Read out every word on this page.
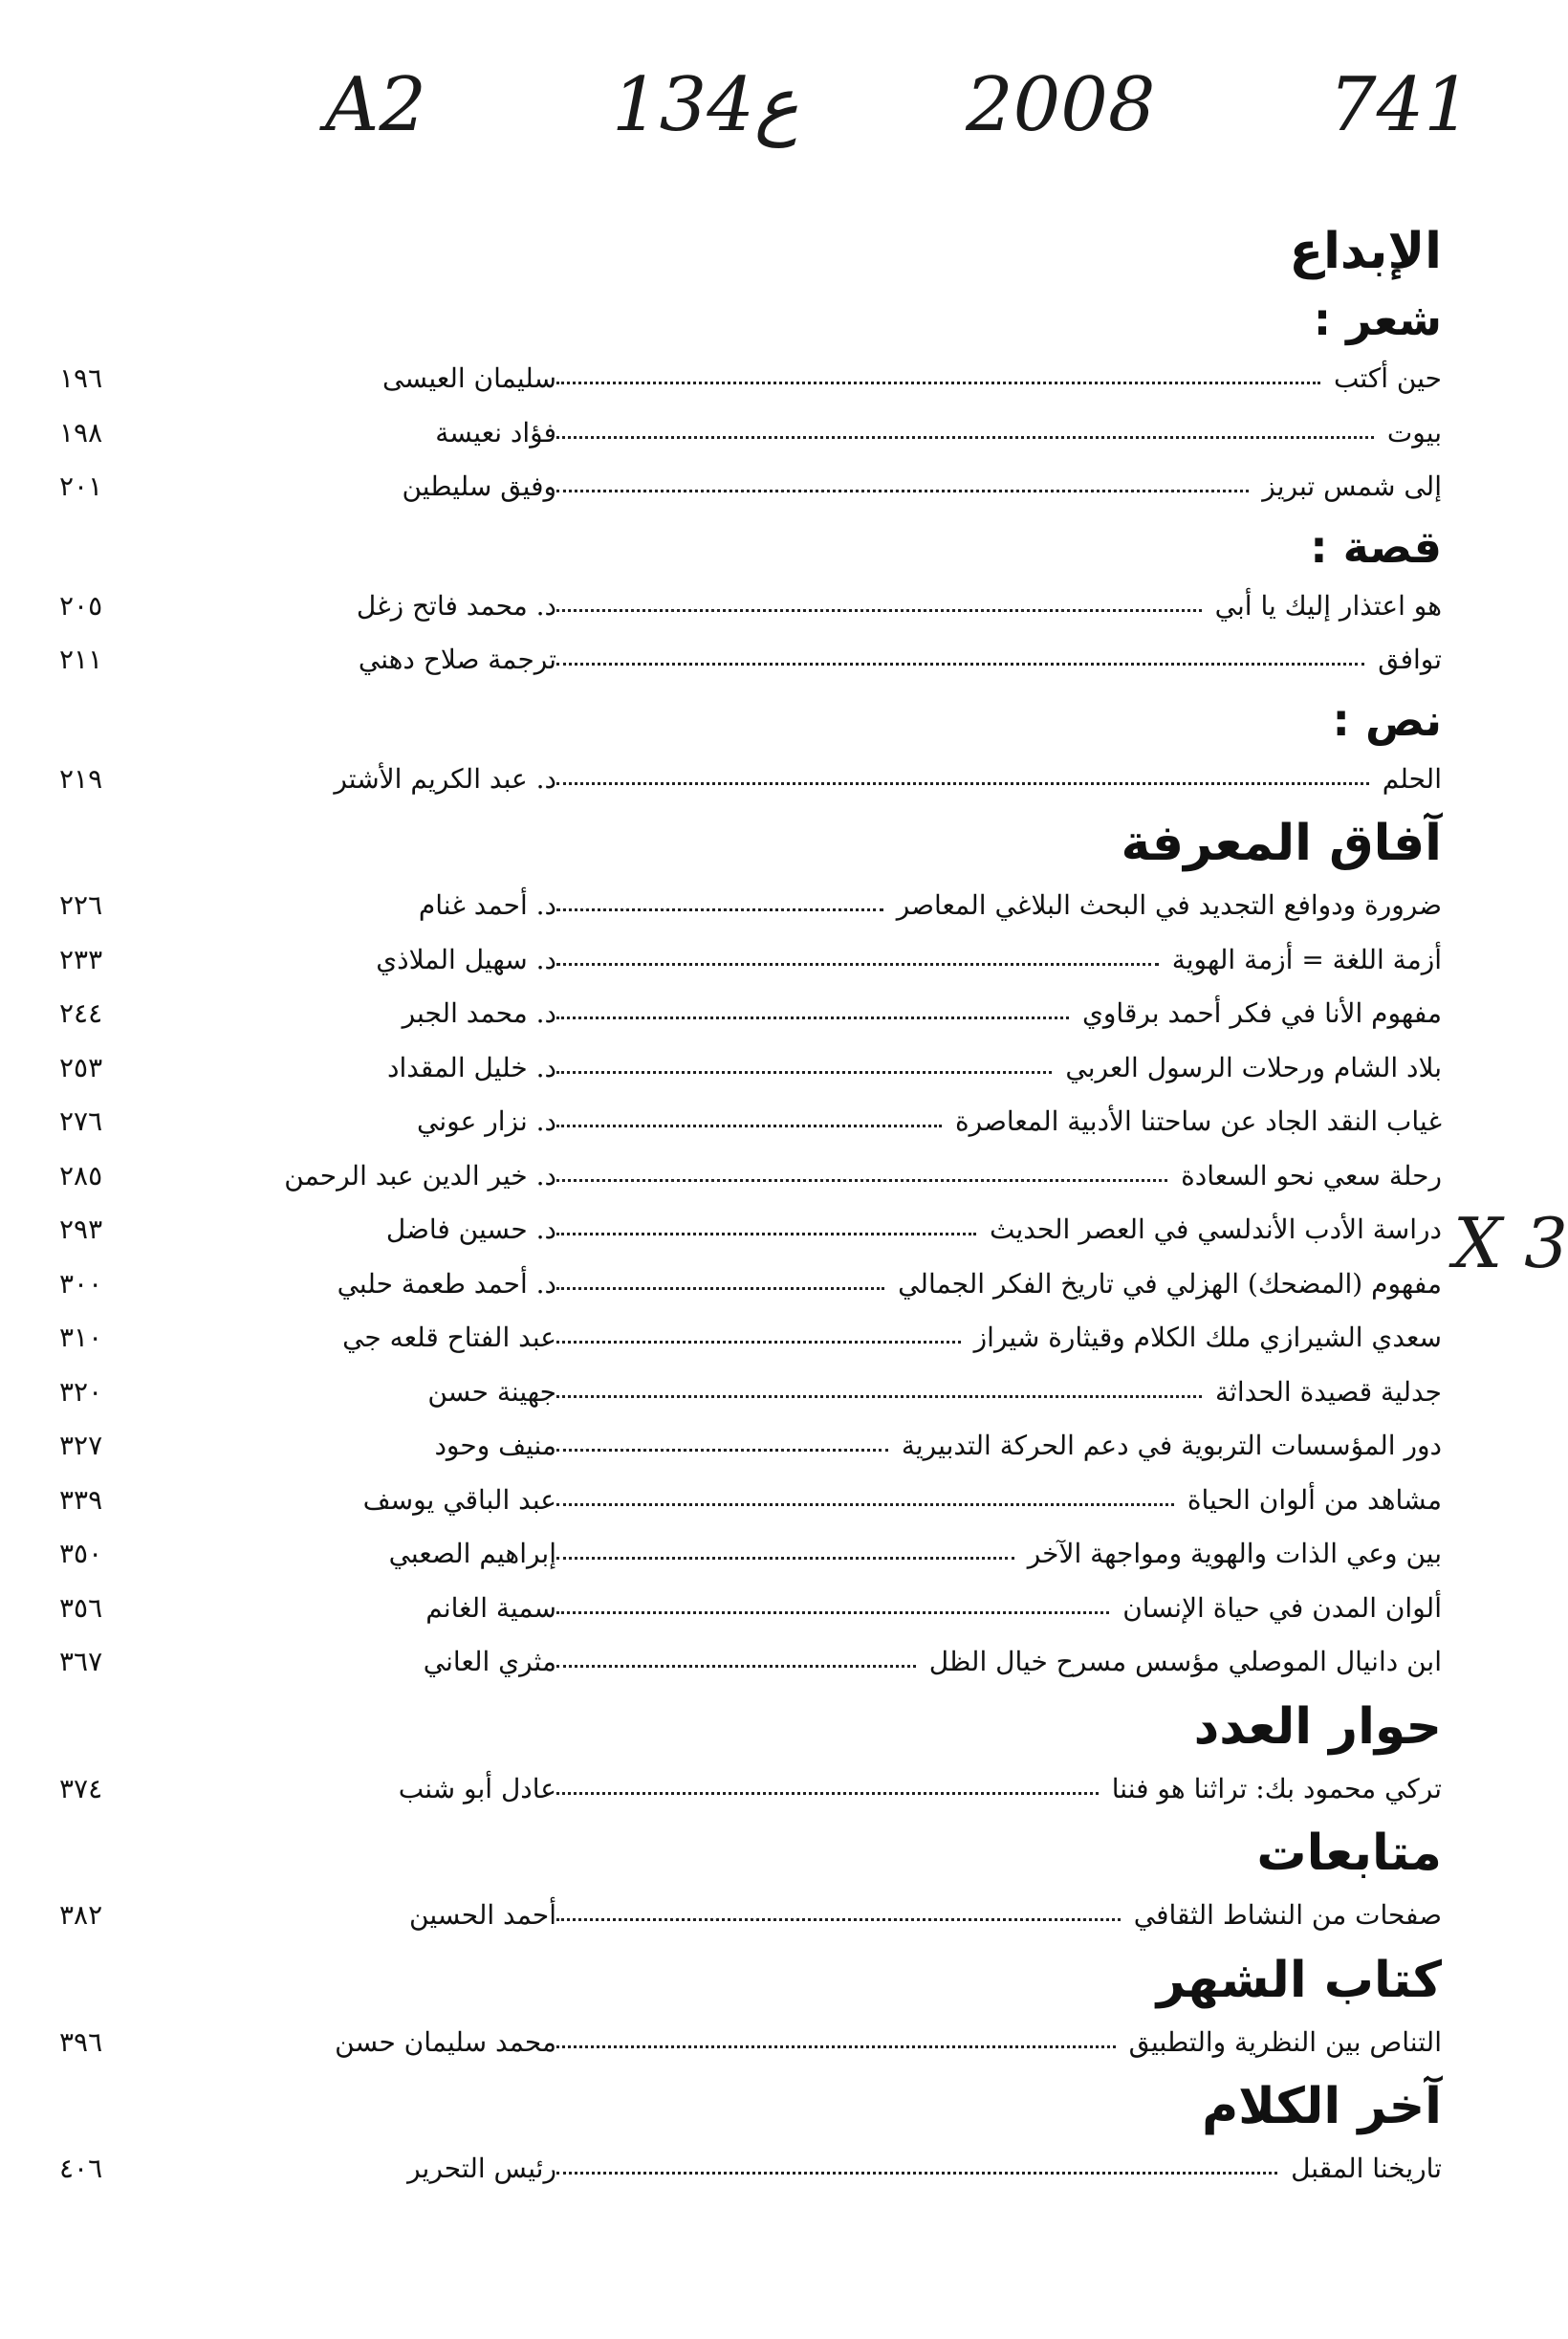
A2 134ع 2008 741
X 3
الإبداع
شعر :
حين أكتب
سليمان العيسى
١٩٦
بيوت
فؤاد نعيسة
١٩٨
إلى شمس تبريز
وفيق سليطين
٢٠١
قصة :
هو اعتذار إليك يا أبي
د. محمد فاتح زغل
٢٠٥
توافق
ترجمة صلاح دهني
٢١١
نص :
الحلم
د. عبد الكريم الأشتر
٢١٩
آفاق المعرفة
ضرورة ودوافع التجديد في البحث البلاغي المعاصر
د. أحمد غنام
٢٢٦
أزمة اللغة = أزمة الهوية
د. سهيل الملاذي
٢٣٣
مفهوم الأنا في فكر أحمد برقاوي
د. محمد الجبر
٢٤٤
بلاد الشام ورحلات الرسول العربي
د. خليل المقداد
٢٥٣
غياب النقد الجاد عن ساحتنا الأدبية المعاصرة
د. نزار عوني
٢٧٦
رحلة سعي نحو السعادة
د. خير الدين عبد الرحمن
٢٨٥
دراسة الأدب الأندلسي في العصر الحديث
د. حسين فاضل
٢٩٣
مفهوم (المضحك) الهزلي في تاريخ الفكر الجمالي
د. أحمد طعمة حلبي
٣٠٠
سعدي الشيرازي ملك الكلام وقيثارة شيراز
عبد الفتاح قلعه جي
٣١٠
جدلية قصيدة الحداثة
جهينة حسن
٣٢٠
دور المؤسسات التربوية في دعم الحركة التدبيرية
منيف وحود
٣٢٧
مشاهد من ألوان الحياة
عبد الباقي يوسف
٣٣٩
بين وعي الذات والهوية ومواجهة الآخر
إبراهيم الصعبي
٣٥٠
ألوان المدن في حياة الإنسان
سمية الغانم
٣٥٦
ابن دانيال الموصلي مؤسس مسرح خيال الظل
مثري العاني
٣٦٧
حوار العدد
تركي محمود بك: تراثنا هو فننا
عادل أبو شنب
٣٧٤
متابعات
صفحات من النشاط الثقافي
أحمد الحسين
٣٨٢
كتاب الشهر
التناص بين النظرية والتطبيق
محمد سليمان حسن
٣٩٦
آخر الكلام
تاريخنا المقبل
رئيس التحرير
٤٠٦
